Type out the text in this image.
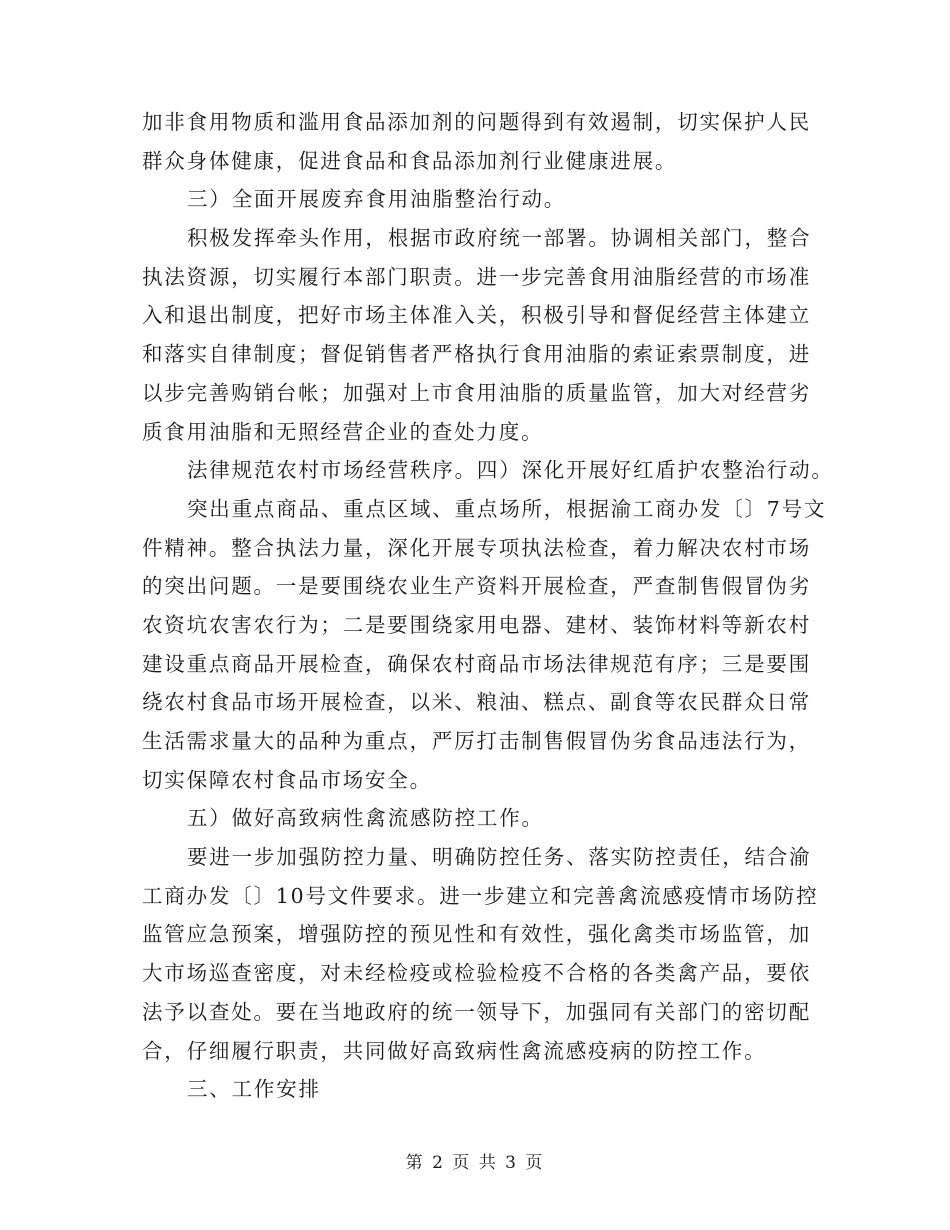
加非食用物质和滥用食品添加剂的问题得到有效遏制，切实保护人民
群众身体健康，促进食品和食品添加剂行业健康进展。
三）全面开展废弃食用油脂整治行动。
积极发挥牵头作用，根据市政府统一部署。协调相关部门，整合
执法资源，切实履行本部门职责。进一步完善食用油脂经营的市场准
入和退出制度，把好市场主体准入关，积极引导和督促经营主体建立
和落实自律制度；督促销售者严格执行食用油脂的索证索票制度，进
以步完善购销台帐；加强对上市食用油脂的质量监管，加大对经营劣
质食用油脂和无照经营企业的查处力度。
法律规范农村市场经营秩序。四）深化开展好红盾护农整治行动。
突出重点商品、重点区域、重点场所，根据渝工商办发〔〕7号文
件精神。整合执法力量，深化开展专项执法检查，着力解决农村市场
的突出问题。一是要围绕农业生产资料开展检查，严查制售假冒伪劣
农资坑农害农行为；二是要围绕家用电器、建材、装饰材料等新农村
建设重点商品开展检查，确保农村商品市场法律规范有序；三是要围
绕农村食品市场开展检查，以米、粮油、糕点、副食等农民群众日常
生活需求量大的品种为重点，严厉打击制售假冒伪劣食品违法行为，
切实保障农村食品市场安全。
五）做好高致病性禽流感防控工作。
要进一步加强防控力量、明确防控任务、落实防控责任，结合渝
工商办发〔〕10号文件要求。进一步建立和完善禽流感疫情市场防控
监管应急预案，增强防控的预见性和有效性，强化禽类市场监管，加
大市场巡查密度，对未经检疫或检验检疫不合格的各类禽产品，要依
法予以查处。要在当地政府的统一领导下，加强同有关部门的密切配
合，仔细履行职责，共同做好高致病性禽流感疫病的防控工作。
三、工作安排
第 2 页 共 3 页
